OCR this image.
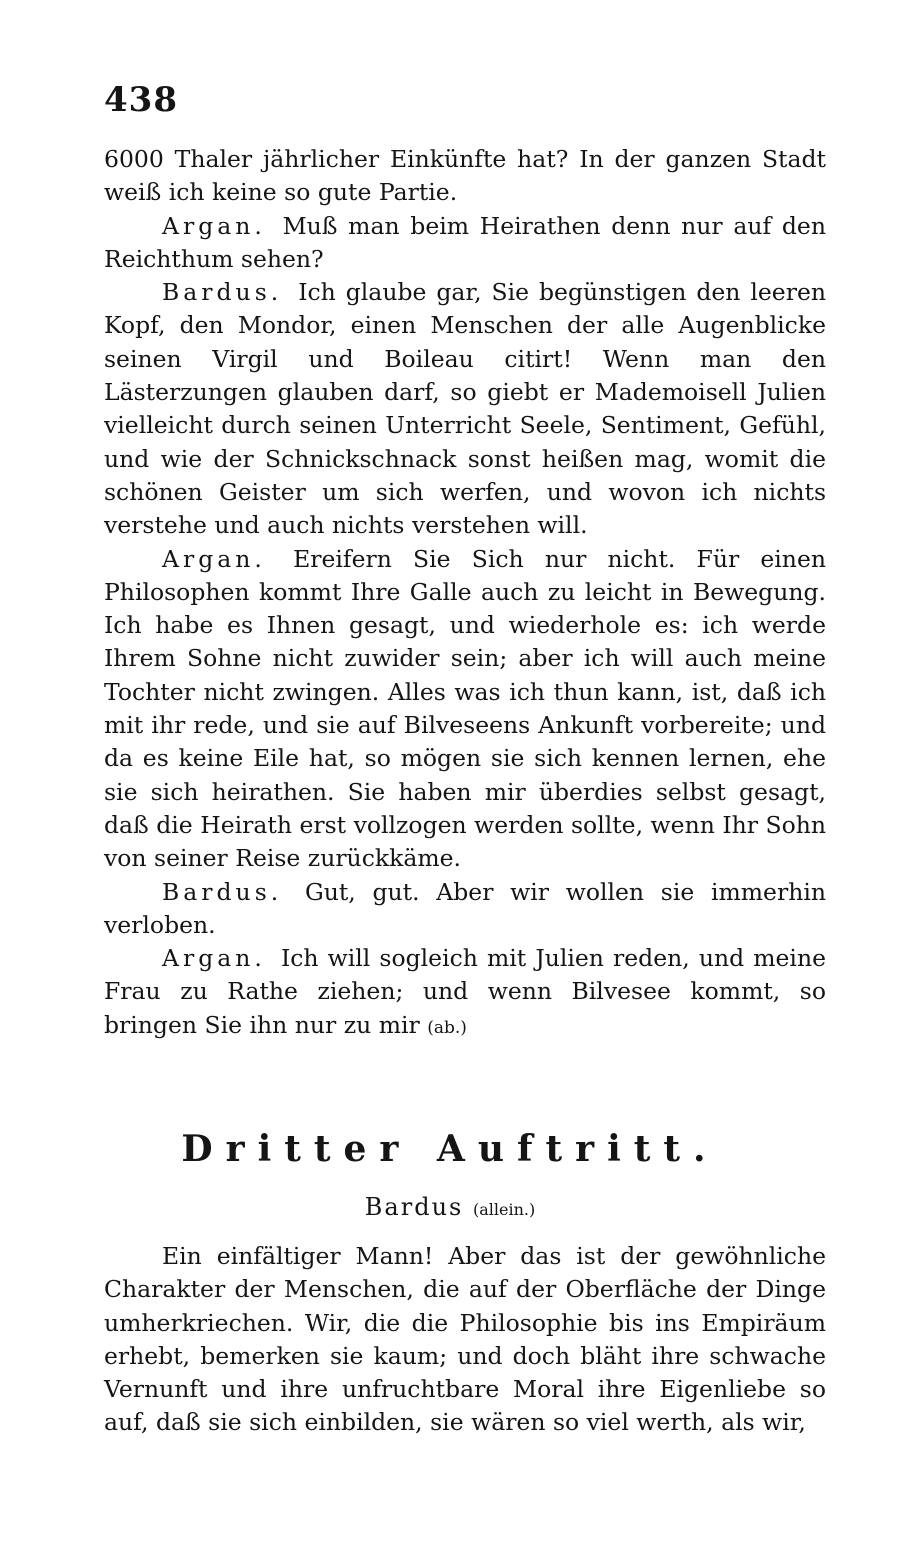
438

6000 Thaler jährlicher Einkünfte hat? In der ganzen Stadt weiß ich keine so gute Partie.

Argan. Muß man beim Heirathen denn nur auf den Reichthum sehen?

Bardus. Ich glaube gar, Sie begünstigen den leeren Kopf, den Mondor, einen Menschen der alle Augenblicke seinen Virgil und Boileau citirt! Wenn man den Lästerzungen glauben darf, so giebt er Mademoisell Julien vielleicht durch seinen Unterricht Seele, Sentiment, Gefühl, und wie der Schnickschnack sonst heißen mag, womit die schönen Geister um sich werfen, und wovon ich nichts verstehe und auch nichts verstehen will.

Argan. Ereifern Sie Sich nur nicht. Für einen Philosophen kommt Ihre Galle auch zu leicht in Bewegung. Ich habe es Ihnen gesagt, und wiederhole es: ich werde Ihrem Sohne nicht zuwider sein; aber ich will auch meine Tochter nicht zwingen. Alles was ich thun kann, ist, daß ich mit ihr rede, und sie auf Bilveseens Ankunft vorbereite; und da es keine Eile hat, so mögen sie sich kennen lernen, ehe sie sich heirathen. Sie haben mir überdies selbst gesagt, daß die Heirath erst vollzogen werden sollte, wenn Ihr Sohn von seiner Reise zurückkäme.

Bardus. Gut, gut. Aber wir wollen sie immerhin verloben.

Argan. Ich will sogleich mit Julien reden, und meine Frau zu Rathe ziehen; und wenn Bilvesee kommt, so bringen Sie ihn nur zu mir (ab.)

Dritter Auftritt.
Bardus (allein.)

Ein einfältiger Mann! Aber das ist der gewöhnliche Charakter der Menschen, die auf der Oberfläche der Dinge umherkriechen. Wir, die die Philosophie bis ins Empiräum erhebt, bemerken sie kaum; und doch bläht ihre schwache Vernunft und ihre unfruchtbare Moral ihre Eigenliebe so auf, daß sie sich einbilden, sie wären so viel werth, als wir,
